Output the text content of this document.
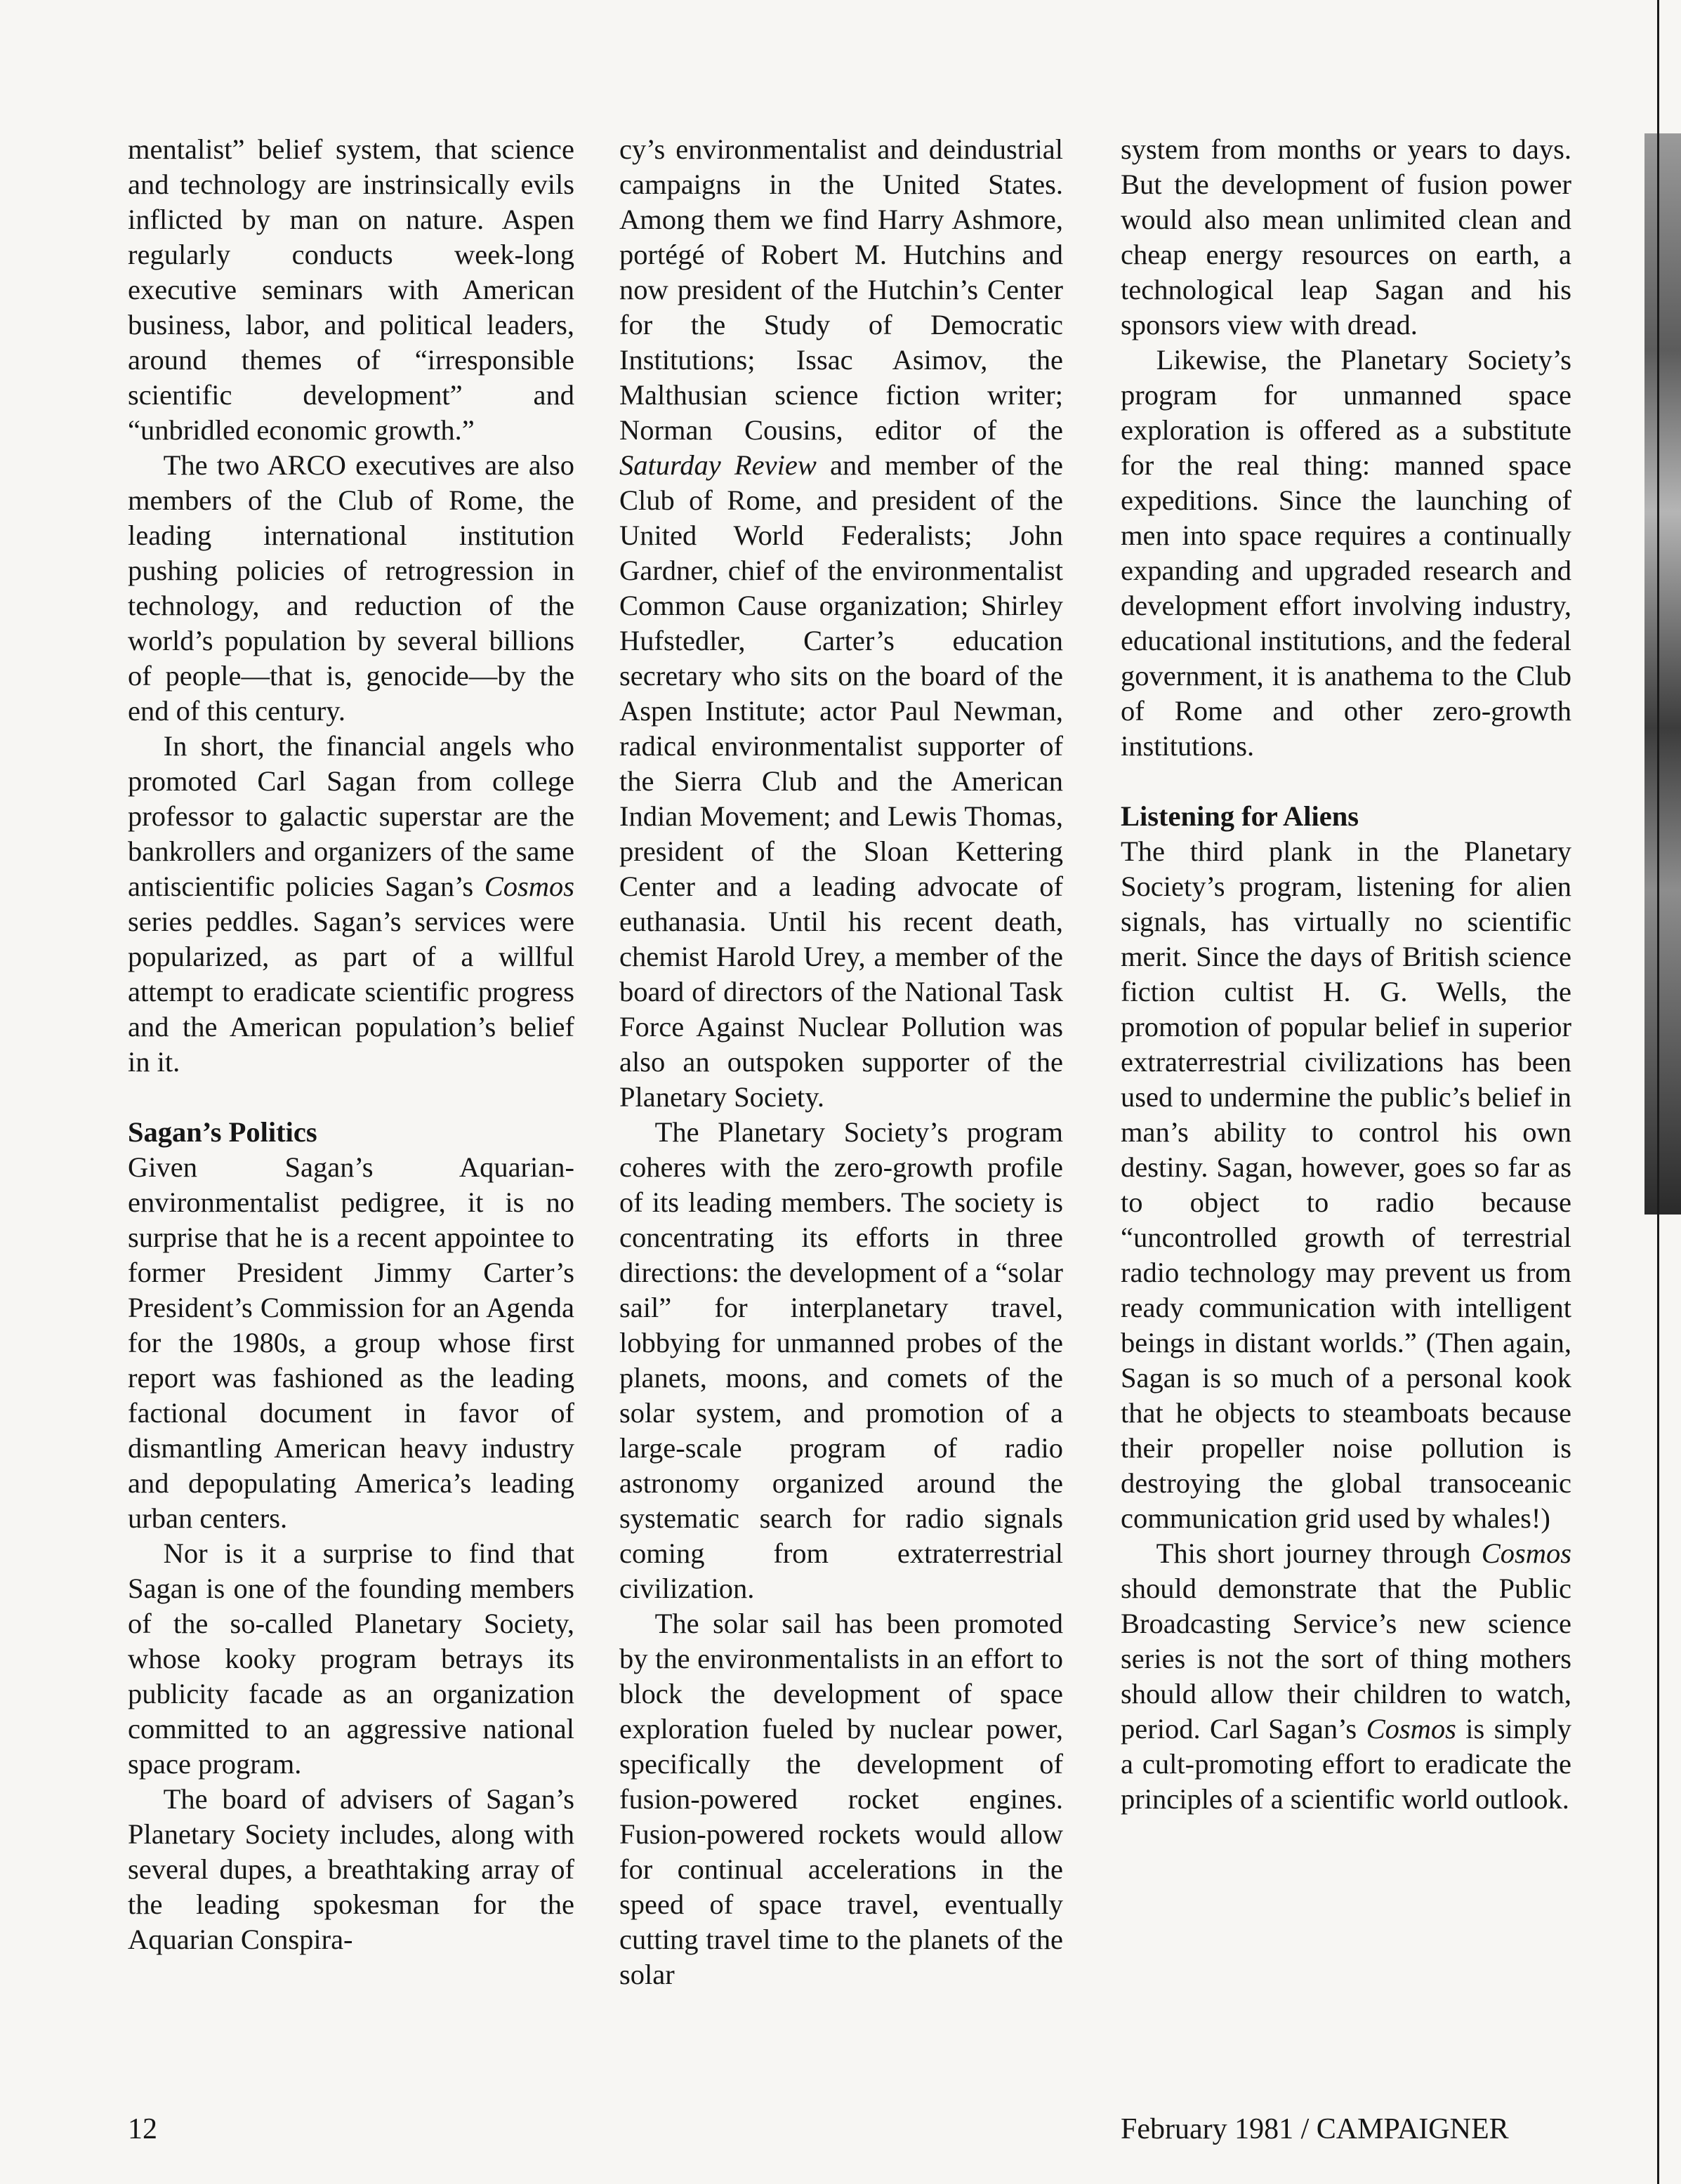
mentalist” belief system, that science and technology are instrinsically evils inflicted by man on nature. Aspen regularly conducts week-long executive seminars with American business, labor, and political leaders, around themes of “irresponsible scientific development” and “unbridled economic growth.”

The two ARCO executives are also members of the Club of Rome, the leading international institution pushing policies of retrogression in technology, and reduction of the world’s population by several billions of people—that is, genocide—by the end of this century.

In short, the financial angels who promoted Carl Sagan from college professor to galactic superstar are the bankrollers and organizers of the same antiscientific policies Sagan’s Cosmos series peddles. Sagan’s services were popularized, as part of a willful attempt to eradicate scientific progress and the American population’s belief in it.

Sagan’s Politics

Given Sagan’s Aquarian-environmentalist pedigree, it is no surprise that he is a recent appointee to former President Jimmy Carter’s President’s Commission for an Agenda for the 1980s, a group whose first report was fashioned as the leading factional document in favor of dismantling American heavy industry and depopulating America’s leading urban centers.

Nor is it a surprise to find that Sagan is one of the founding members of the so-called Planetary Society, whose kooky program betrays its publicity facade as an organization committed to an aggressive national space program.

The board of advisers of Sagan’s Planetary Society includes, along with several dupes, a breathtaking array of the leading spokesman for the Aquarian Conspira-

cy’s environmentalist and deindustrial campaigns in the United States. Among them we find Harry Ashmore, portégé of Robert M. Hutchins and now president of the Hutchin’s Center for the Study of Democratic Institutions; Issac Asimov, the Malthusian science fiction writer; Norman Cousins, editor of the Saturday Review and member of the Club of Rome, and president of the United World Federalists; John Gardner, chief of the environmentalist Common Cause organization; Shirley Hufstedler, Carter’s education secretary who sits on the board of the Aspen Institute; actor Paul Newman, radical environmentalist supporter of the Sierra Club and the American Indian Movement; and Lewis Thomas, president of the Sloan Kettering Center and a leading advocate of euthanasia. Until his recent death, chemist Harold Urey, a member of the board of directors of the National Task Force Against Nuclear Pollution was also an outspoken supporter of the Planetary Society.

The Planetary Society’s program coheres with the zero-growth profile of its leading members. The society is concentrating its efforts in three directions: the development of a “solar sail” for interplanetary travel, lobbying for unmanned probes of the planets, moons, and comets of the solar system, and promotion of a large-scale program of radio astronomy organized around the systematic search for radio signals coming from extraterrestrial civilization.

The solar sail has been promoted by the environmentalists in an effort to block the development of space exploration fueled by nuclear power, specifically the development of fusion-powered rocket engines. Fusion-powered rockets would allow for continual accelerations in the speed of space travel, eventually cutting travel time to the planets of the solar

system from months or years to days. But the development of fusion power would also mean unlimited clean and cheap energy resources on earth, a technological leap Sagan and his sponsors view with dread.

Likewise, the Planetary Society’s program for unmanned space exploration is offered as a substitute for the real thing: manned space expeditions. Since the launching of men into space requires a continually expanding and upgraded research and development effort involving industry, educational institutions, and the federal government, it is anathema to the Club of Rome and other zero-growth institutions.

Listening for Aliens

The third plank in the Planetary Society’s program, listening for alien signals, has virtually no scientific merit. Since the days of British science fiction cultist H. G. Wells, the promotion of popular belief in superior extraterrestrial civilizations has been used to undermine the public’s belief in man’s ability to control his own destiny. Sagan, however, goes so far as to object to radio because “uncontrolled growth of terrestrial radio technology may prevent us from ready communication with intelligent beings in distant worlds.” (Then again, Sagan is so much of a personal kook that he objects to steamboats because their propeller noise pollution is destroying the global transoceanic communication grid used by whales!)

This short journey through Cosmos should demonstrate that the Public Broadcasting Service’s new science series is not the sort of thing mothers should allow their children to watch, period. Carl Sagan’s Cosmos is simply a cult-promoting effort to eradicate the principles of a scientific world outlook.

12	February 1981 / CAMPAIGNER
